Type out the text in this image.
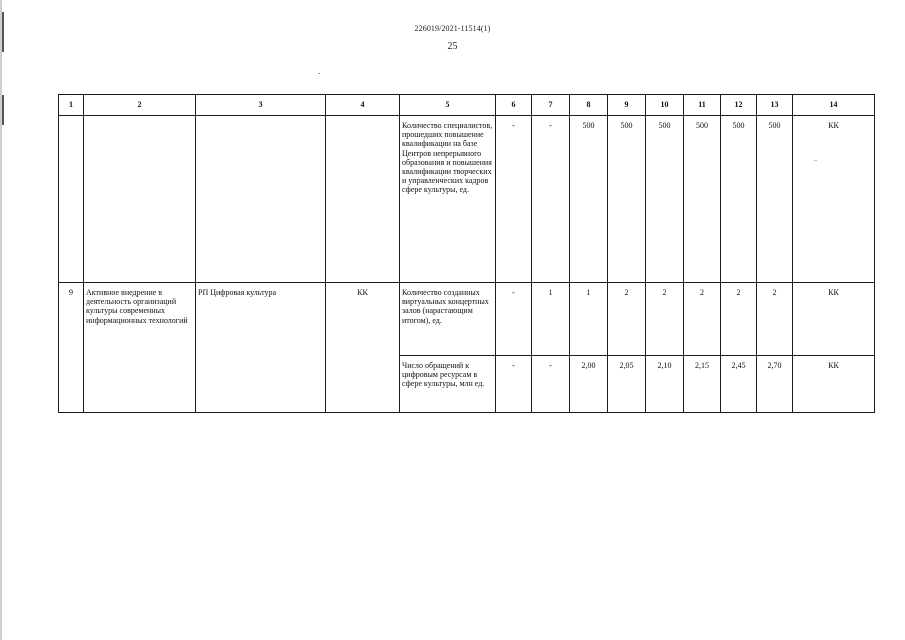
226019/2021-11514(1)
25
1	2	3	4	5	6	7	8	9	10	11	12	13	14
				Количество специалистов, прошедших повышение квалификации на базе Центров непрерывного образования и повышения квалификации творческих и управленческих кадров сфере культуры, ед.	-	-	500	500	500	500	500	500	КК
9	Активное внедрение в деятельность организаций культуры современных информационных технологий	РП Цифровая культура	КК	Количество созданных виртуальных концертных залов (нарастающим итогом), ед.	-	1	1	2	2	2	2	2	КК
				Число обращений к цифровым ресурсам в сфере культуры, млн ед.	-	-	2,00	2,05	2,10	2,15	2,45	2,70	КК
